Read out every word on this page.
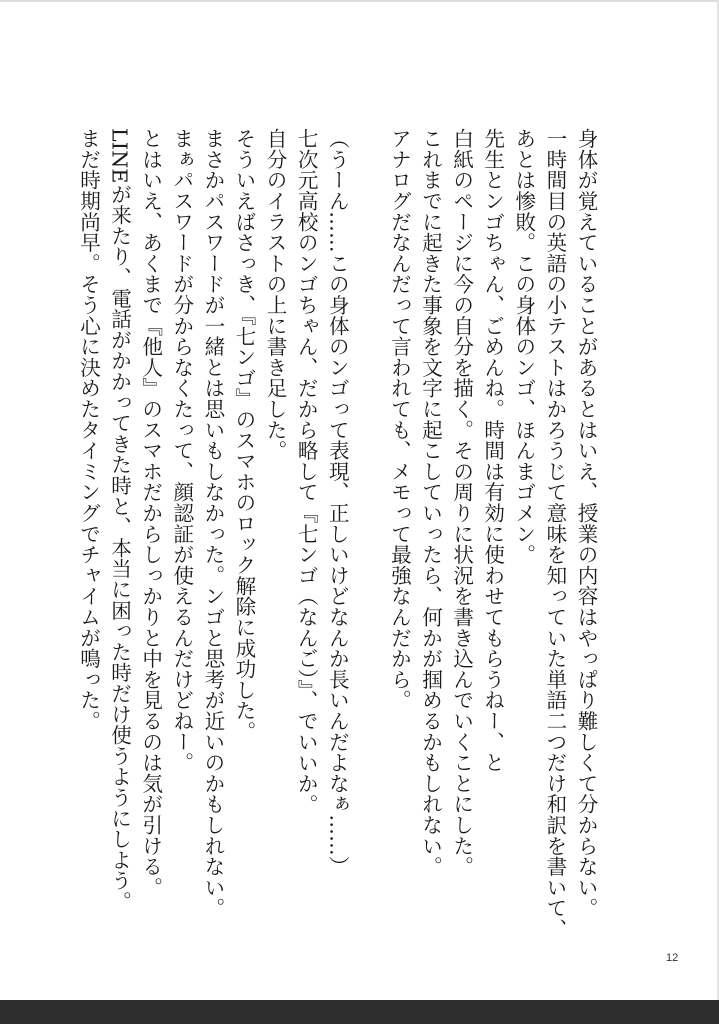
身体が覚えていることがあるとはいえ、授業の内容はやっぱり難しくて分からない。
一時間目の英語の小テストはかろうじて意味を知っていた単語二つだけ和訳を書いて、
あとは惨敗。この身体のンゴ、ほんまゴメン。
先生とンゴちゃん、ごめんね。時間は有効に使わせてもらうねー、と
白紙のページに今の自分を描く。その周りに状況を書き込んでいくことにした。
これまでに起きた事象を文字に起こしていったら、何かが掴めるかもしれない。
アナログだなんだって言われても、メモって最強なんだから。

（うーん……この身体のンゴって表現、正しいけどなんか長いんだよなぁ……）
七次元高校のンゴちゃん、だから略して『七ンゴ（なんご）』、でいいか。
自分のイラストの上に書き足した。
そういえばさっき、『七ンゴ』のスマホのロック解除に成功した。
まさかパスワードが一緒とは思いもしなかった。ンゴと思考が近いのかもしれない。
まぁパスワードが分からなくたって、顔認証が使えるんだけどねー。
とはいえ、あくまで『他人』のスマホだからしっかりと中を見るのは気が引ける。
LINEが来たり、電話がかかってきた時と、本当に困った時だけ使うようにしよう。
まだ時期尚早。そう心に決めたタイミングでチャイムが鳴った。
12
